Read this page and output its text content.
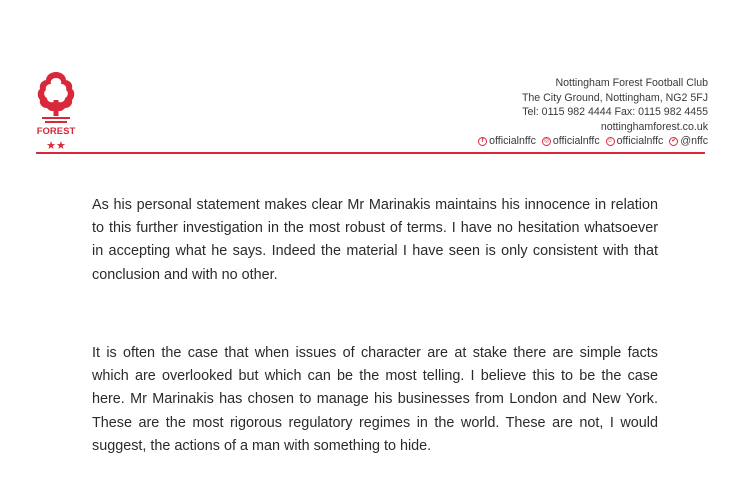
FOREST
★★
Nottingham Forest Football Club
The City Ground, Nottingham, NG2 5FJ
Tel: 0115 982 4444 Fax: 0115 982 4455
nottinghamforest.co.uk
f officialnffc	◎ officialnffc ☺ officialnffc	✔ @nffc

As his personal statement makes clear Mr Marinakis maintains his innocence in relation to this further investigation in the most robust of terms. I have no hesitation whatsoever in accepting what he says. Indeed the material I have seen is only consistent with that conclusion and with no other.

It is often the case that when issues of character are at stake there are simple facts which are overlooked but which can be the most telling. I believe this to be the case here. Mr Marinakis has chosen to manage his businesses from London and New York. These are the most rigorous regulatory regimes in the world. These are not, I would suggest, the actions of a man with something to hide.
